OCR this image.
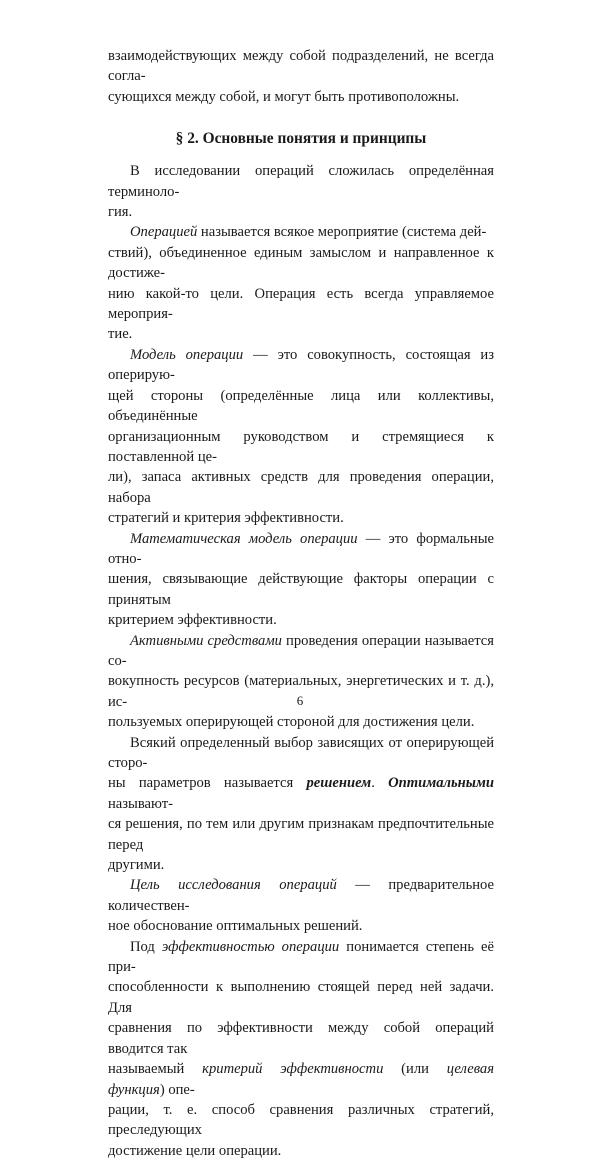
взаимодействующих между собой подразделений, не всегда согла-
сующихся между собой, и могут быть противоположны.

§ 2. Основные понятия и принципы

В исследовании операций сложилась определённая терминоло-
гия.

Операцией называется всякое мероприятие (система дей-
ствий), объединенное единым замыслом и направленное к достиже-
нию какой-то цели. Операция есть всегда управляемое мероприя-
тие.

Модель операции — это совокупность, состоящая из оперирую-
щей стороны (определённые лица или коллективы, объединённые
организационным руководством и стремящиеся к поставленной це-
ли), запаса активных средств для проведения операции, набора
стратегий и критерия эффективности.

Математическая модель операции — это формальные отно-
шения, связывающие действующие факторы операции с принятым
критерием эффективности.

Активными средствами проведения операции называется со-
вокупность ресурсов (материальных, энергетических и т. д.), ис-
пользуемых оперирующей стороной для достижения цели.

Всякий определенный выбор зависящих от оперирующей сторо-
ны параметров называется решением. Оптимальными называют-
ся решения, по тем или другим признакам предпочтительные перед
другими.

Цель исследования операций — предварительное количествен-
ное обоснование оптимальных решений.

Под эффективностью операции понимается степень её при-
способленности к выполнению стоящей перед ней задачи. Для
сравнения по эффективности между собой операций вводится так
называемый критерий эффективности (или целевая функция) опе-
рации, т. е. способ сравнения различных стратегий, преследующих
достижение цели операции.

6
